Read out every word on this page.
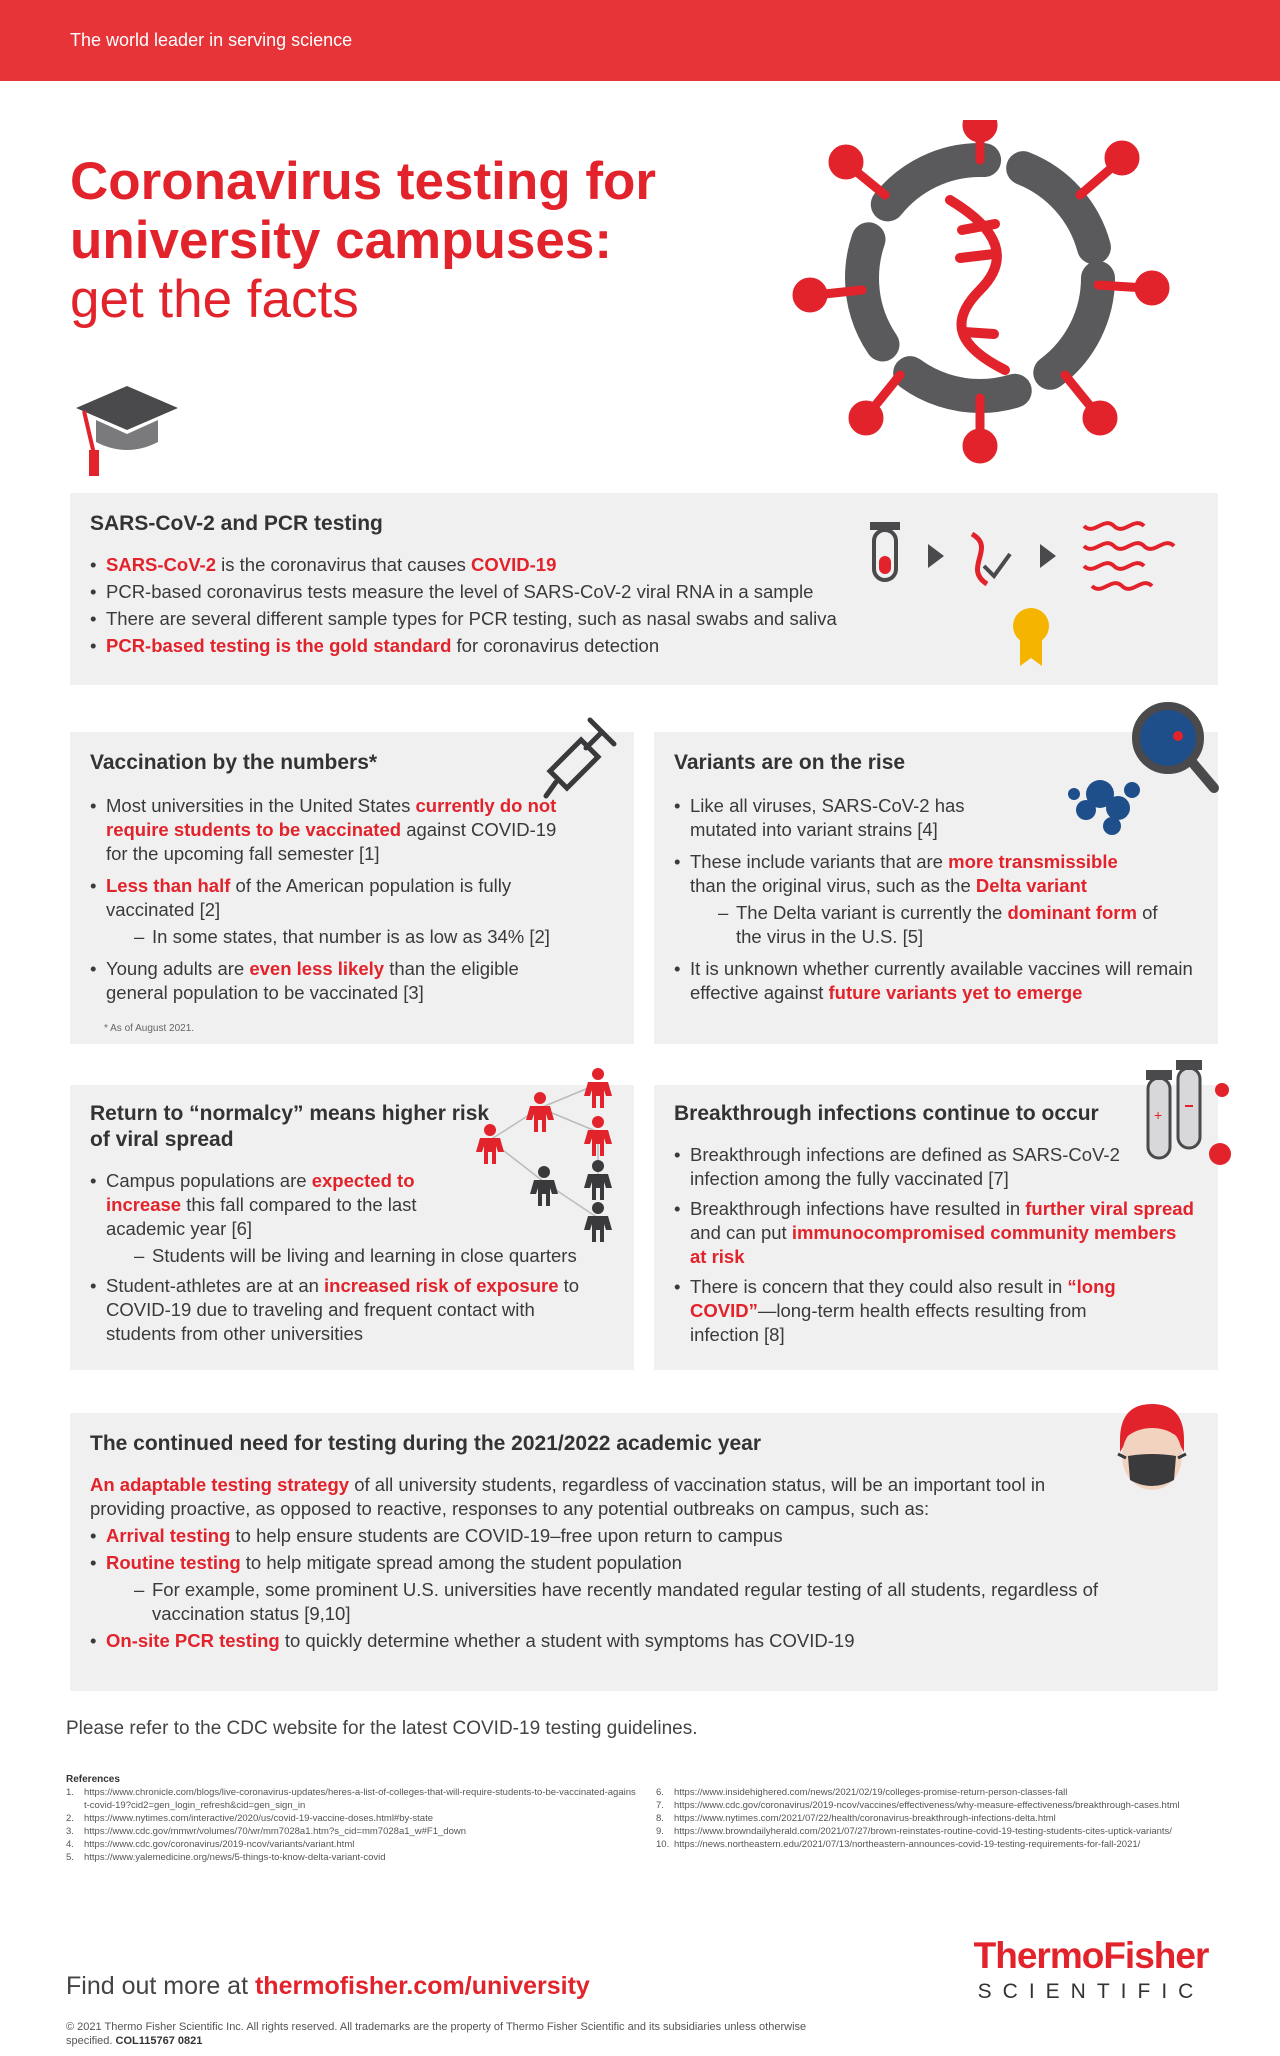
The world leader in serving science
Coronavirus testing for
university campuses:
get the facts
SARS-CoV-2 and PCR testing
• SARS-CoV-2 is the coronavirus that causes COVID-19
• PCR-based coronavirus tests measure the level of SARS-CoV-2 viral RNA in a sample
• There are several different sample types for PCR testing, such as nasal swabs and saliva
• PCR-based testing is the gold standard for coronavirus detection
Vaccination by the numbers*
• Most universities in the United States currently do not require students to be vaccinated against COVID-19 for the upcoming fall semester [1]
• Less than half of the American population is fully vaccinated [2]
– In some states, that number is as low as 34% [2]
• Young adults are even less likely than the eligible general population to be vaccinated [3]

* As of August 2021.

Variants are on the rise
• Like all viruses, SARS-CoV-2 has mutated into variant strains [4]
• These include variants that are more transmissible than the original virus, such as the Delta variant
– The Delta variant is currently the dominant form of the virus in the U.S. [5]
• It is unknown whether currently available vaccines will remain effective against future variants yet to emerge
Return to “normalcy” means higher risk of viral spread
• Campus populations are expected to increase this fall compared to the last academic year [6]
– Students will be living and learning in close quarters
• Student-athletes are at an increased risk of exposure to COVID-19 due to traveling and frequent contact with students from other universities
Breakthrough infections continue to occur
• Breakthrough infections are defined as SARS-CoV-2 infection among the fully vaccinated [7]
• Breakthrough infections have resulted in further viral spread and can put immunocompromised community members at risk
• There is concern that they could also result in “long COVID”—long-term health effects resulting from infection [8]
+
The continued need for testing during the 2021/2022 academic year

An adaptable testing strategy of all university students, regardless of vaccination status, will be an important tool in providing proactive, as opposed to reactive, responses to any potential outbreaks on campus, such as:

• Arrival testing to help ensure students are COVID-19–free upon return to campus
• Routine testing to help mitigate spread among the student population
– For example, some prominent U.S. universities have recently mandated regular testing of all students, regardless of vaccination status [9,10]
• On-site PCR testing to quickly determine whether a student with symptoms has COVID-19

Please refer to the CDC website for the latest COVID-19 testing guidelines.

References
1.	https://www.chronicle.com/blogs/live-coronavirus-updates/heres-a-list-of-colleges-that-will-require-students-to-be-vaccinated-against-covid-19?cid2=gen_login_refresh&cid=gen_sign_in
2.	https://www.nytimes.com/interactive/2020/us/covid-19-vaccine-doses.html#by-state
3.	https://www.cdc.gov/mmwr/volumes/70/wr/mm7028a1.htm?s_cid=mm7028a1_w#F1_down
4.	https://www.cdc.gov/coronavirus/2019-ncov/variants/variant.html
5.	https://www.yalemedicine.org/news/5-things-to-know-delta-variant-covid
6.	https://www.insidehighered.com/news/2021/02/19/colleges-promise-return-person-classes-fall
7.	https://www.cdc.gov/coronavirus/2019-ncov/vaccines/effectiveness/why-measure-effectiveness/breakthrough-cases.html
8.	https://www.nytimes.com/2021/07/22/health/coronavirus-breakthrough-infections-delta.html
9.	https://www.browndailyherald.com/2021/07/27/brown-reinstates-routine-covid-19-testing-students-cites-uptick-variants/
10. https://news.northeastern.edu/2021/07/13/northeastern-announces-covid-19-testing-requirements-for-fall-2021/

Find out more at thermofisher.com/university

© 2021 Thermo Fisher Scientific Inc. All rights reserved. All trademarks are the property of Thermo Fisher Scientific and its subsidiaries unless otherwise specified. COL115767 0821

ThermoFisher
SCIENTIFIC
